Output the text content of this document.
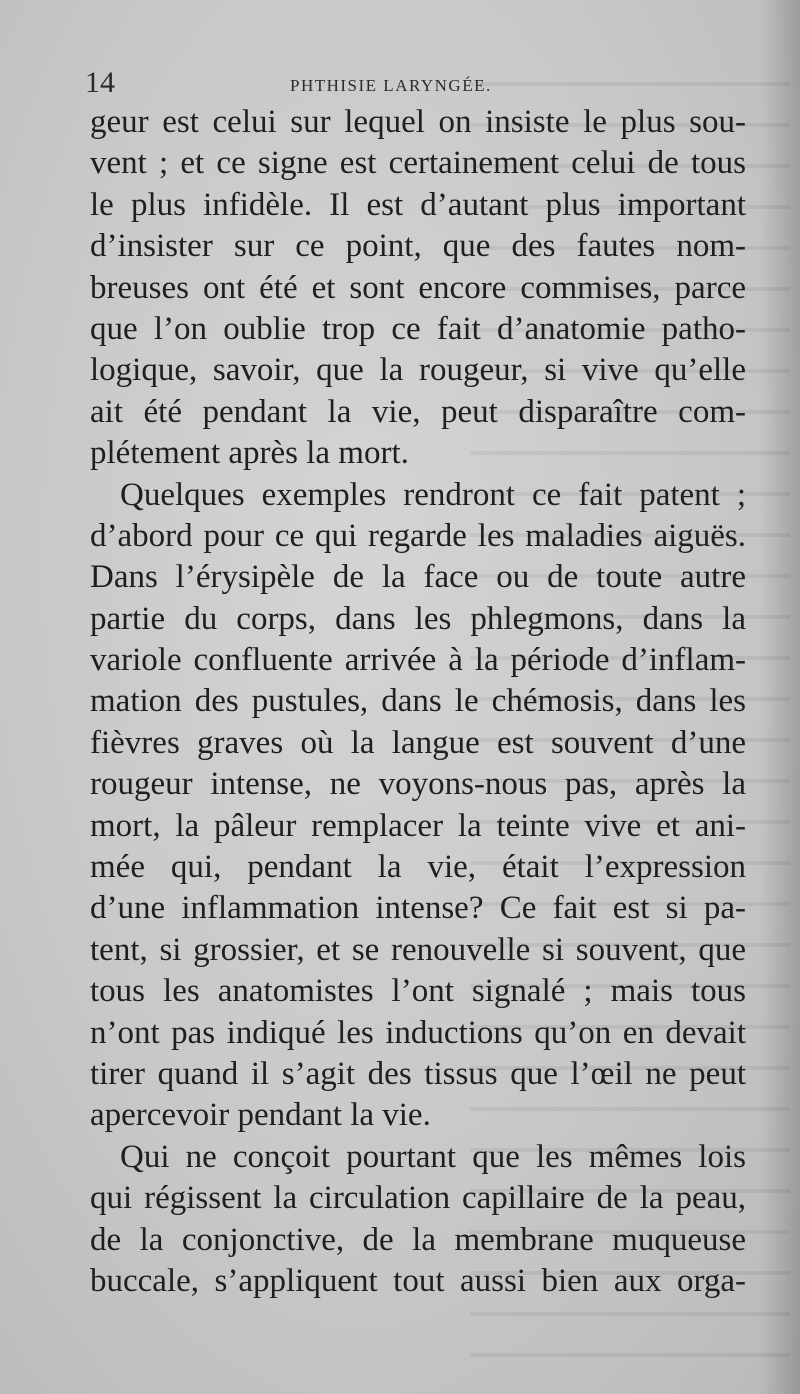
14	PHTHISIE LARYNGÉE.
geur est celui sur lequel on insiste le plus sou-
vent ; et ce signe est certainement celui de tous
le plus infidèle. Il est d’autant plus important
d’insister sur ce point, que des fautes nom-
breuses ont été et sont encore commises, parce
que l’on oublie trop ce fait d’anatomie patho-
logique, savoir, que la rougeur, si vive qu’elle
ait été pendant la vie, peut disparaître com-
plétement après la mort.
Quelques exemples rendront ce fait patent ;
d’abord pour ce qui regarde les maladies aiguës.
Dans l’érysipèle de la face ou de toute autre
partie du corps, dans les phlegmons, dans la
variole confluente arrivée à la période d’inflam-
mation des pustules, dans le chémosis, dans les
fièvres graves où la langue est souvent d’une
rougeur intense, ne voyons-nous pas, après la
mort, la pâleur remplacer la teinte vive et ani-
mée qui, pendant la vie, était l’expression
d’une inflammation intense? Ce fait est si pa-
tent, si grossier, et se renouvelle si souvent, que
tous les anatomistes l’ont signalé ; mais tous
n’ont pas indiqué les inductions qu’on en devait
tirer quand il s’agit des tissus que l’œil ne peut
apercevoir pendant la vie.
Qui ne conçoit pourtant que les mêmes lois
qui régissent la circulation capillaire de la peau,
de la conjonctive, de la membrane muqueuse
buccale, s’appliquent tout aussi bien aux orga-
